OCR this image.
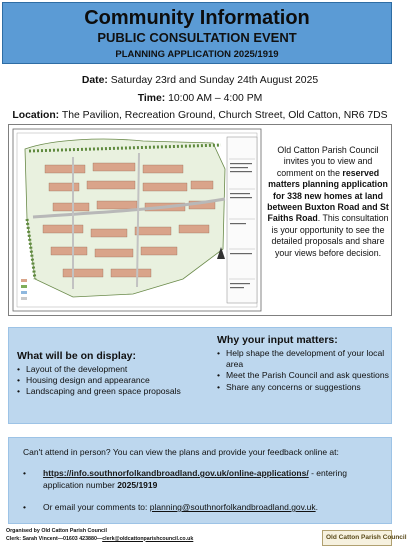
Community Information
PUBLIC CONSULTATION EVENT
PLANNING APPLICATION 2025/1919
Date: Saturday 23rd and Sunday 24th August 2025
Time: 10:00 AM – 4:00 PM
Location: The Pavilion, Recreation Ground, Church Street, Old Catton, NR6 7DS
Old Catton Parish Council invites you to view and comment on the reserved matters planning application for 338 new homes at land between Buxton Road and St Faiths Road. This consultation is your opportunity to see the detailed proposals and share your views before decision.
What will be on display:
• Layout of the development
• Housing design and appearance
• Landscaping and green space proposals
Why your input matters:
• Help shape the development of your local area
• Meet the Parish Council and ask questions
• Share any concerns or suggestions
Can't attend in person? You can view the plans and provide your feedback online at:
• https://info.southnorfolkandbroadland.gov.uk/online-applications/ - entering application number 2025/1919
• Or email your comments to: planning@southnorfolkandbroadland.gov.uk.
Organised by Old Catton Parish Council
Clerk: Sarah Vincent—01603 423880—clerk@oldcattonparishcouncil.co.uk	Old Catton Parish Council
